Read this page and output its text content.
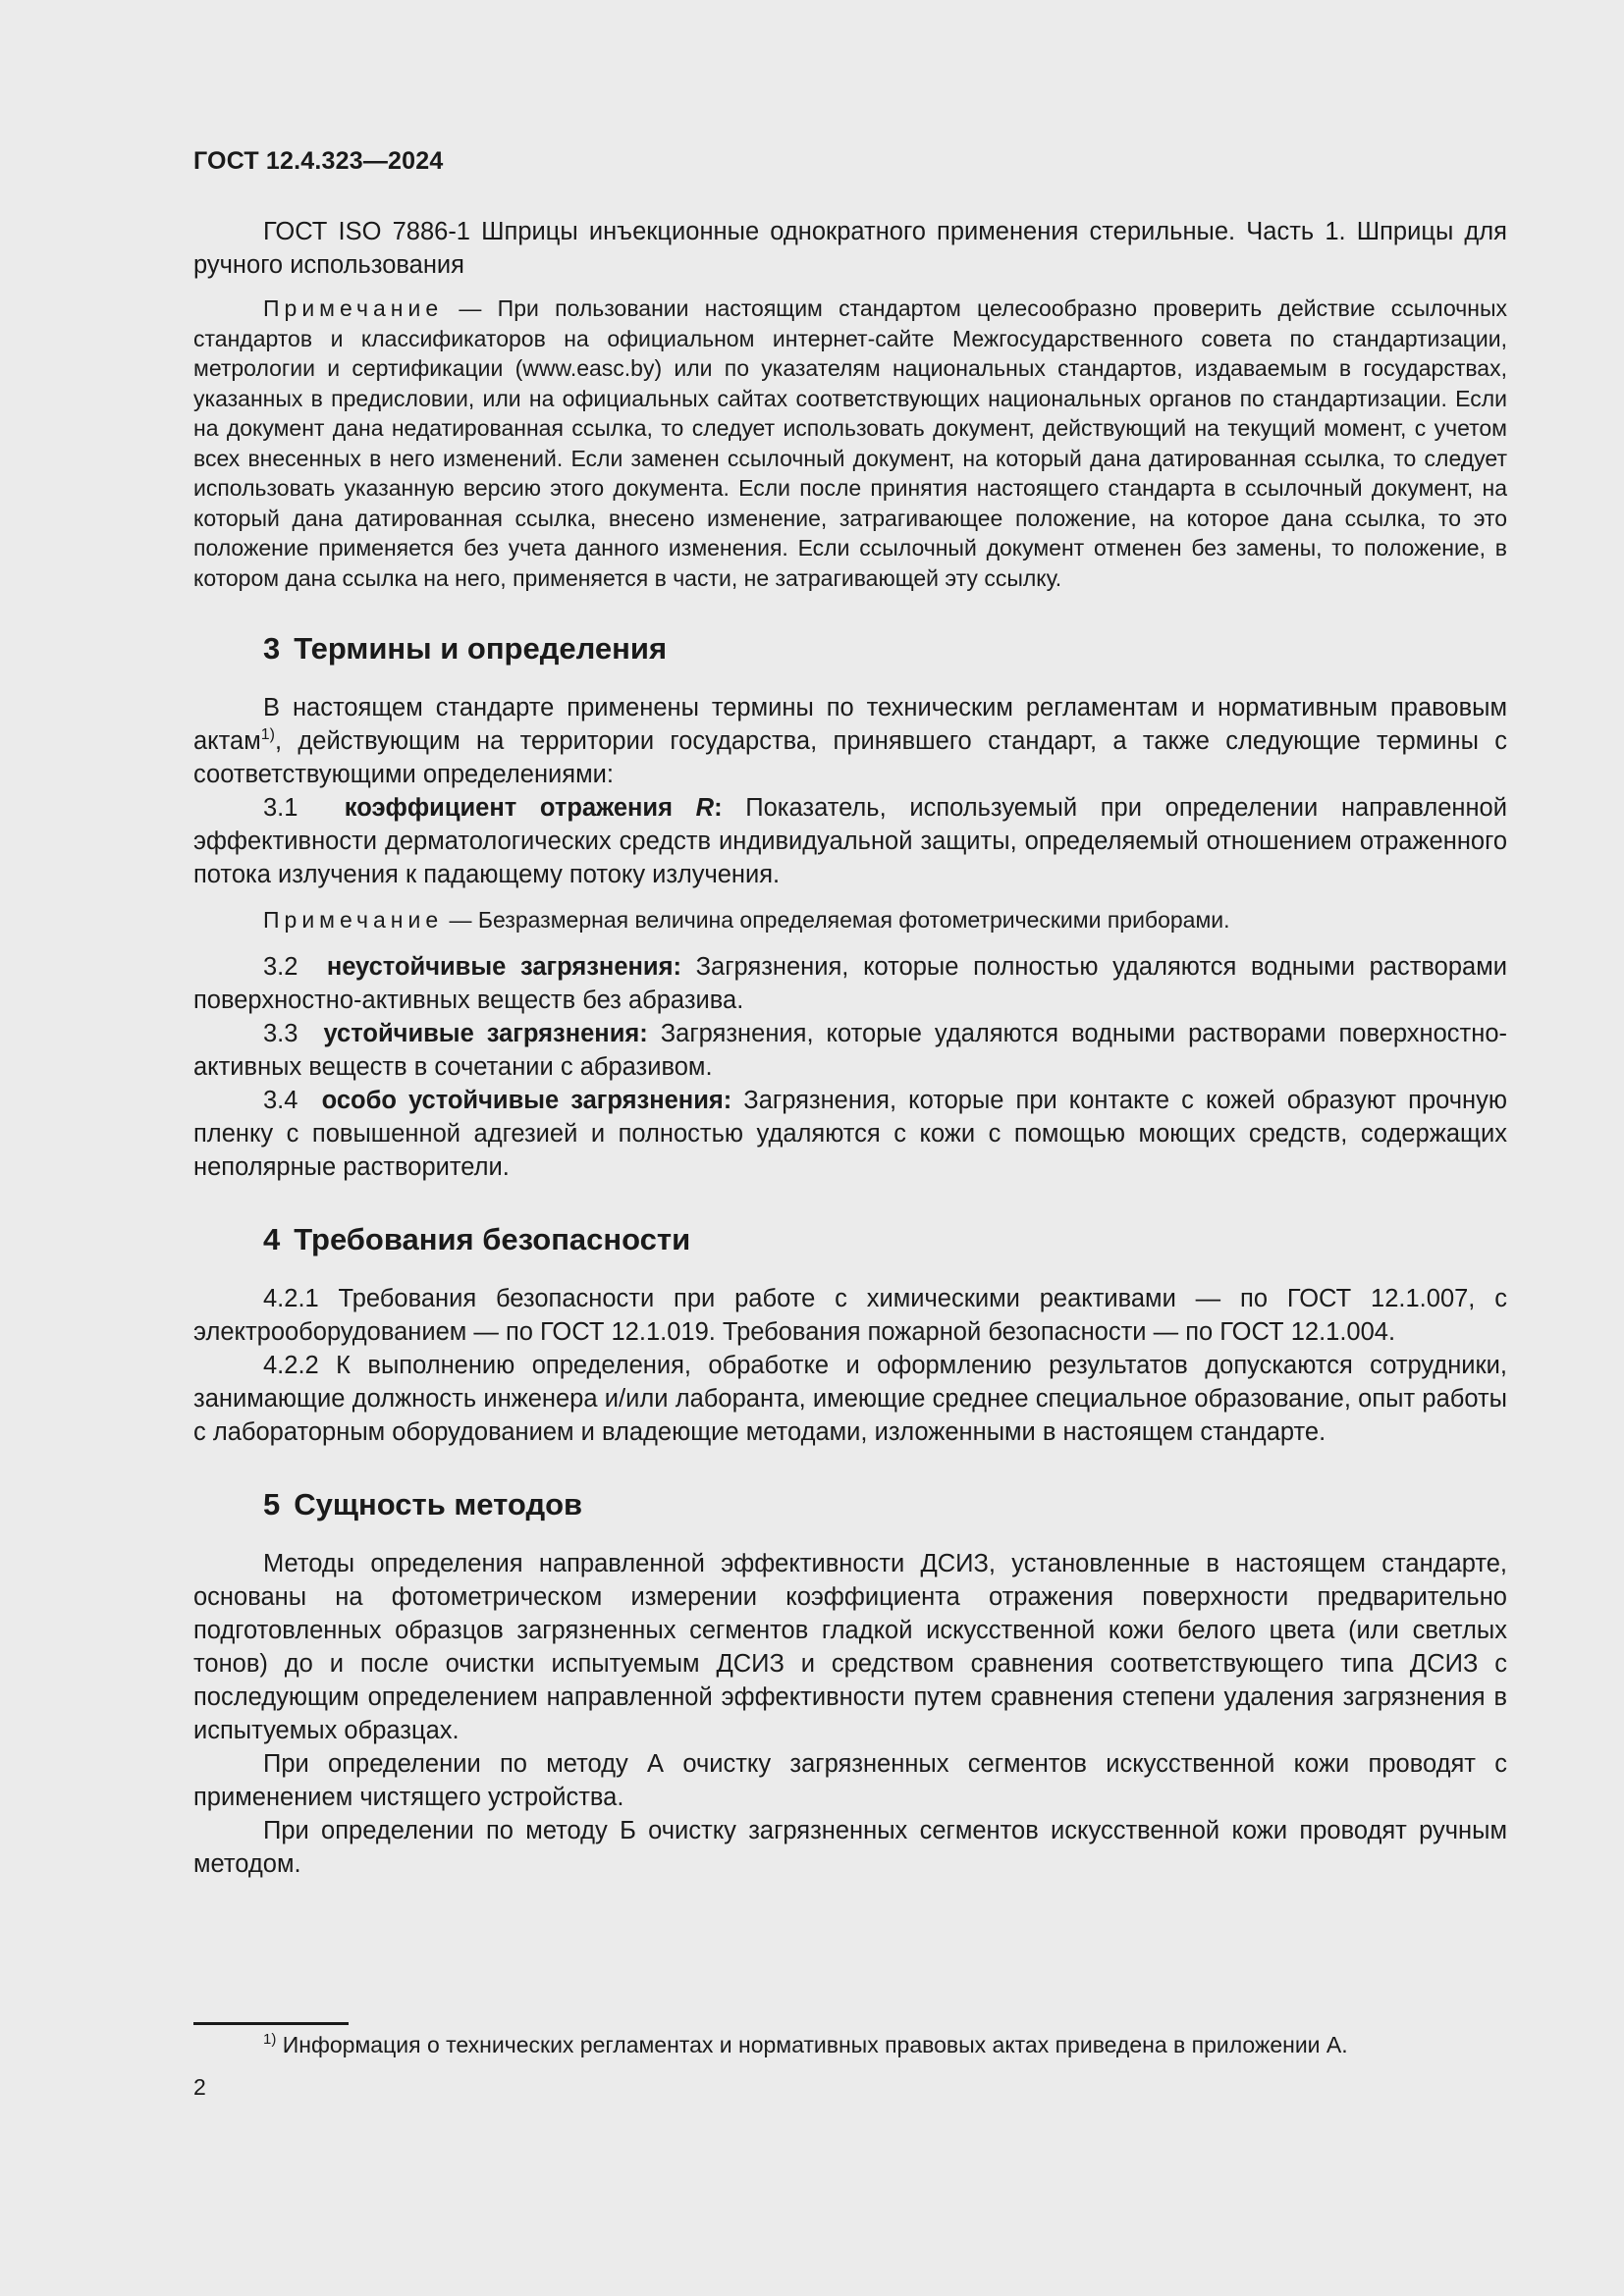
ГОСТ 12.4.323—2024

ГОСТ ISO 7886-1 Шприцы инъекционные однократного применения стерильные. Часть 1. Шприцы для ручного использования

Примечание — При пользовании настоящим стандартом целесообразно проверить действие ссылочных стандартов и классификаторов на официальном интернет-сайте Межгосударственного совета по стандартизации, метрологии и сертификации (www.easc.by) или по указателям национальных стандартов, издаваемым в государствах, указанных в предисловии, или на официальных сайтах соответствующих национальных органов по стандартизации. Если на документ дана недатированная ссылка, то следует использовать документ, действующий на текущий момент, с учетом всех внесенных в него изменений. Если заменен ссылочный документ, на который дана датированная ссылка, то следует использовать указанную версию этого документа. Если после принятия настоящего стандарта в ссылочный документ, на который дана датированная ссылка, внесено изменение, затрагивающее положение, на которое дана ссылка, то это положение применяется без учета данного изменения. Если ссылочный документ отменен без замены, то положение, в котором дана ссылка на него, применяется в части, не затрагивающей эту ссылку.

3 Термины и определения

В настоящем стандарте применены термины по техническим регламентам и нормативным правовым актам$^{1)}$, действующим на территории государства, принявшего стандарт, а также следующие термины с соответствующими определениями:

3.1 коэффициент отражения R: Показатель, используемый при определении направленной эффективности дерматологических средств индивидуальной защиты, определяемый отношением отраженного потока излучения к падающему потоку излучения.

Примечание — Безразмерная величина определяемая фотометрическими приборами.

3.2 неустойчивые загрязнения: Загрязнения, которые полностью удаляются водными растворами поверхностно-активных веществ без абразива.

3.3 устойчивые загрязнения: Загрязнения, которые удаляются водными растворами поверхностно-активных веществ в сочетании с абразивом.

3.4 особо устойчивые загрязнения: Загрязнения, которые при контакте с кожей образуют прочную пленку с повышенной адгезией и полностью удаляются с кожи с помощью моющих средств, содержащих неполярные растворители.

4 Требования безопасности

4.2.1 Требования безопасности при работе с химическими реактивами — по ГОСТ 12.1.007, с электрооборудованием — по ГОСТ 12.1.019. Требования пожарной безопасности — по ГОСТ 12.1.004.

4.2.2 К выполнению определения, обработке и оформлению результатов допускаются сотрудники, занимающие должность инженера и/или лаборанта, имеющие среднее специальное образование, опыт работы с лабораторным оборудованием и владеющие методами, изложенными в настоящем стандарте.

5 Сущность методов

Методы определения направленной эффективности ДСИЗ, установленные в настоящем стандарте, основаны на фотометрическом измерении коэффициента отражения поверхности предварительно подготовленных образцов загрязненных сегментов гладкой искусственной кожи белого цвета (или светлых тонов) до и после очистки испытуемым ДСИЗ и средством сравнения соответствующего типа ДСИЗ с последующим определением направленной эффективности путем сравнения степени удаления загрязнения в испытуемых образцах.

При определении по методу А очистку загрязненных сегментов искусственной кожи проводят с применением чистящего устройства.

При определении по методу Б очистку загрязненных сегментов искусственной кожи проводят ручным методом.

$^{1)}$ Информация о технических регламентах и нормативных правовых актах приведена в приложении А.
2
